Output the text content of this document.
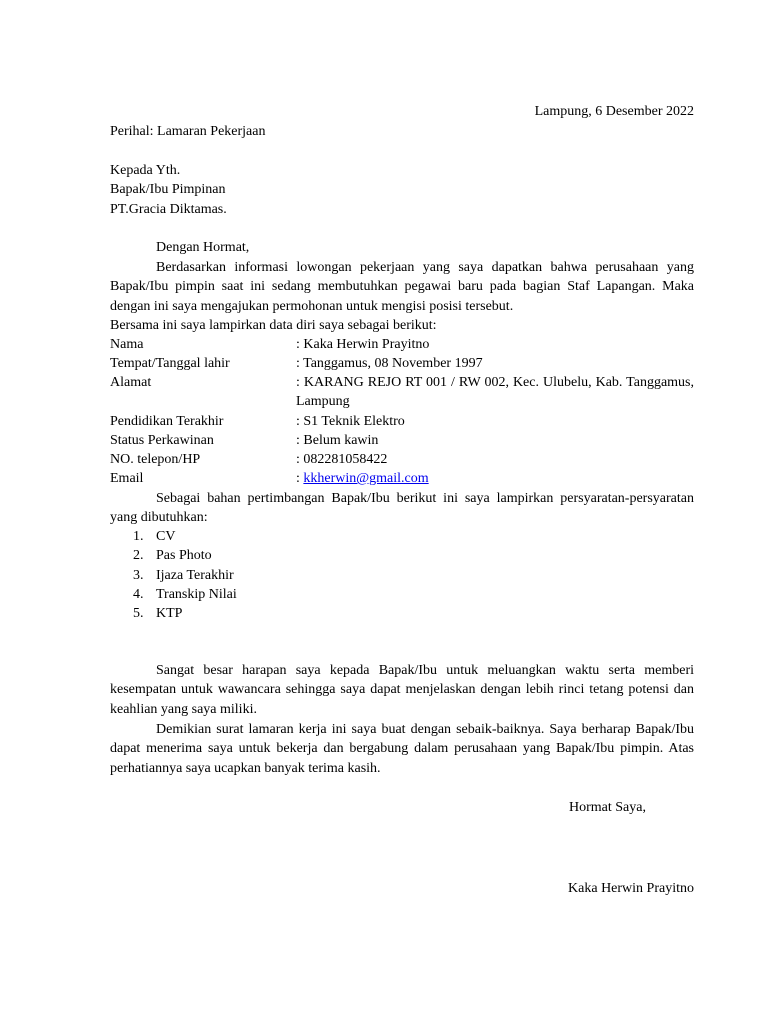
Lampung, 6 Desember 2022
Perihal: Lamaran Pekerjaan
Kepada Yth.
Bapak/Ibu Pimpinan
PT.Gracia Diktamas.
Dengan Hormat,
Berdasarkan informasi lowongan pekerjaan yang saya dapatkan bahwa perusahaan yang Bapak/Ibu pimpin saat ini sedang membutuhkan pegawai baru pada bagian Staf Lapangan. Maka dengan ini saya mengajukan permohonan untuk mengisi posisi tersebut.
Bersama ini saya lampirkan data diri saya sebagai berikut:
Nama	: Kaka Herwin Prayitno
Tempat/Tanggal lahir	: Tanggamus, 08 November 1997
Alamat	: KARANG REJO RT 001 / RW 002, Kec. Ulubelu, Kab. Tanggamus, Lampung
Pendidikan Terakhir	: S1 Teknik Elektro
Status Perkawinan	: Belum kawin
NO. telepon/HP	: 082281058422
Email	: kkherwin@gmail.com
Sebagai bahan pertimbangan Bapak/Ibu berikut ini saya lampirkan persyaratan-persyaratan yang dibutuhkan:
1. CV
2. Pas Photo
3. Ijaza Terakhir
4. Transkip Nilai
5. KTP
Sangat besar harapan saya kepada Bapak/Ibu untuk meluangkan waktu serta memberi kesempatan untuk wawancara sehingga saya dapat menjelaskan dengan lebih rinci tetang potensi dan keahlian yang saya miliki.
Demikian surat lamaran kerja ini saya buat dengan sebaik-baiknya. Saya berharap Bapak/Ibu dapat menerima saya untuk bekerja dan bergabung dalam perusahaan yang Bapak/Ibu pimpin. Atas perhatiannya saya ucapkan banyak terima kasih.
Hormat Saya,
Kaka Herwin Prayitno
